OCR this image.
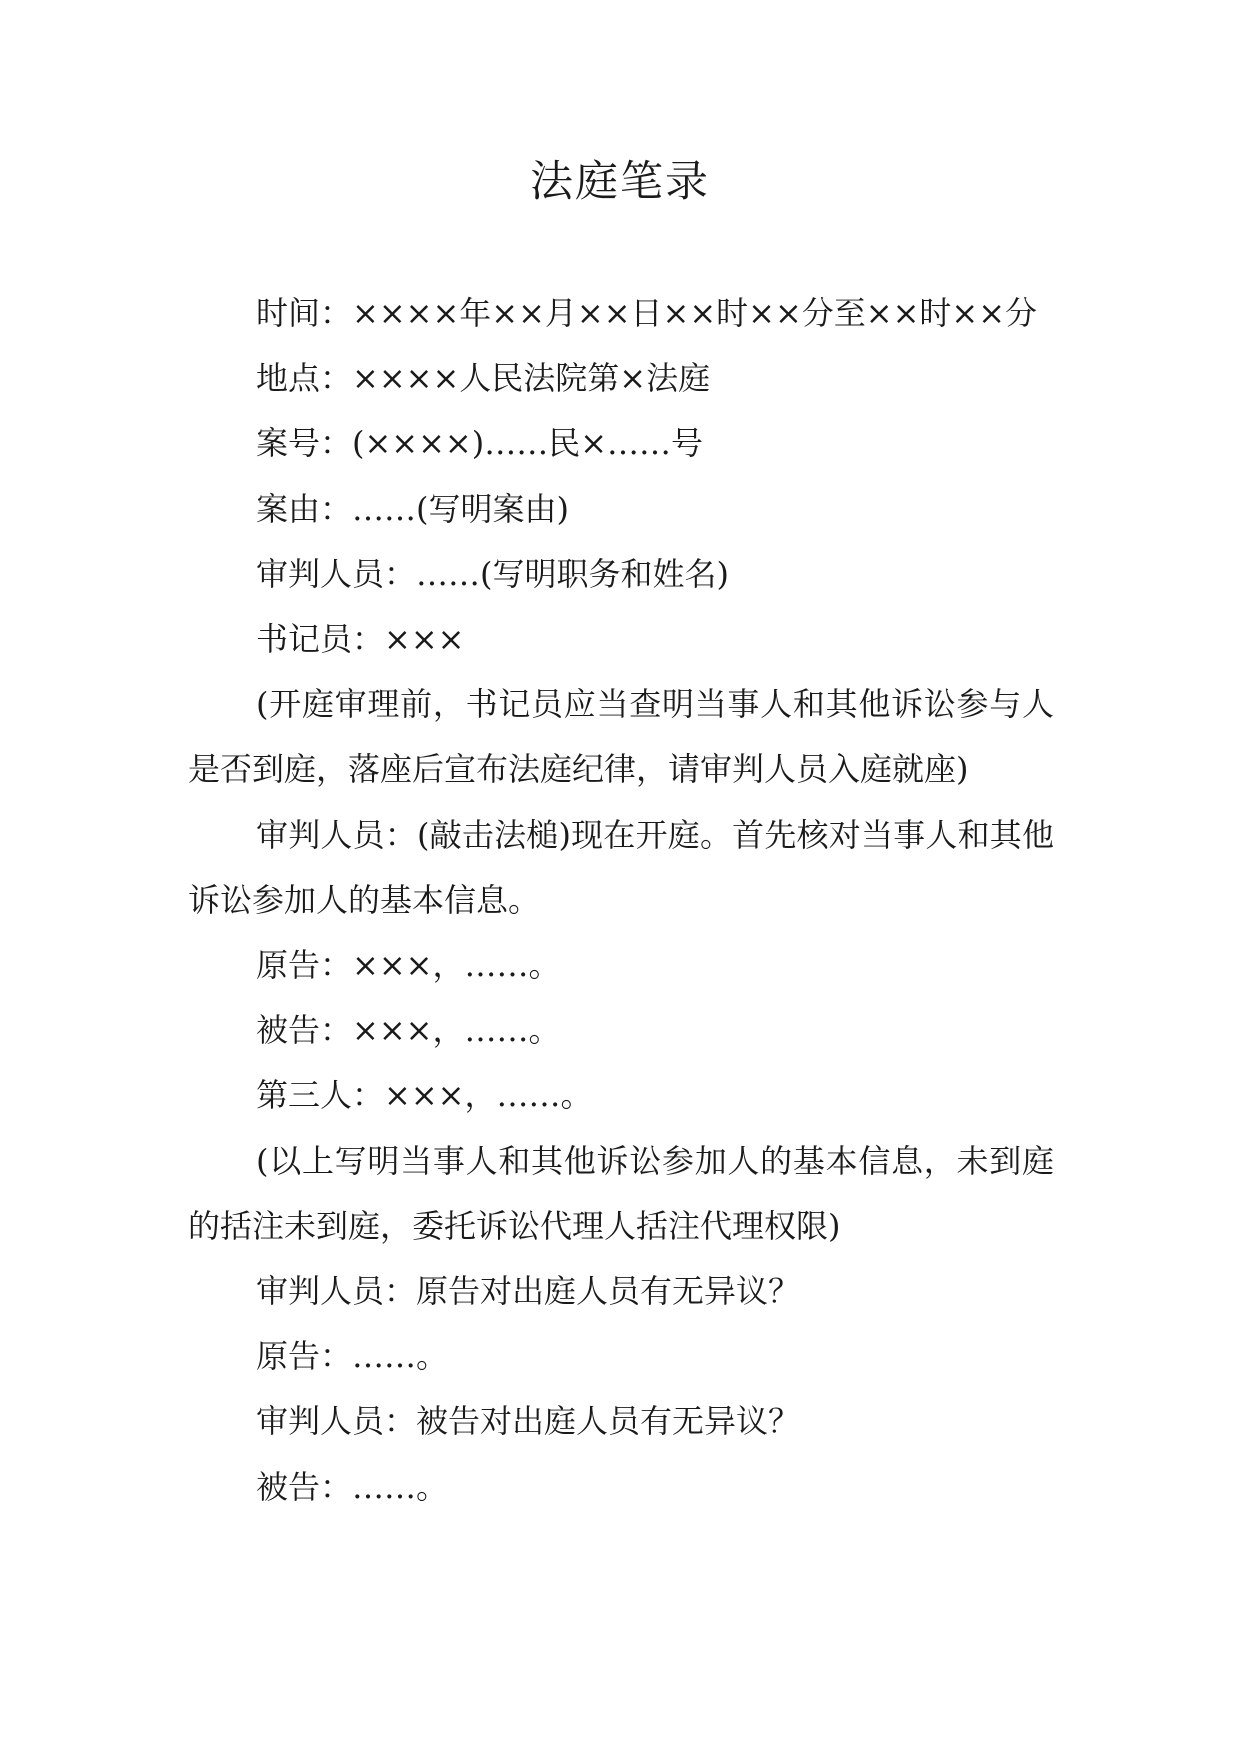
法庭笔录

时间：××××年××月××日××时××分至××时××分

地点：××××人民法院第×法庭

案号：(××××)……民×……号

案由：……(写明案由)

审判人员：……(写明职务和姓名)

书记员：×××

(开庭审理前，书记员应当查明当事人和其他诉讼参与人是否到庭，落座后宣布法庭纪律，请审判人员入庭就座)

审判人员：(敲击法槌)现在开庭。首先核对当事人和其他诉讼参加人的基本信息。

原告：×××，……。

被告：×××，……。

第三人：×××，……。

(以上写明当事人和其他诉讼参加人的基本信息，未到庭的括注未到庭，委托诉讼代理人括注代理权限)

审判人员：原告对出庭人员有无异议？

原告：……。

审判人员：被告对出庭人员有无异议？

被告：……。
